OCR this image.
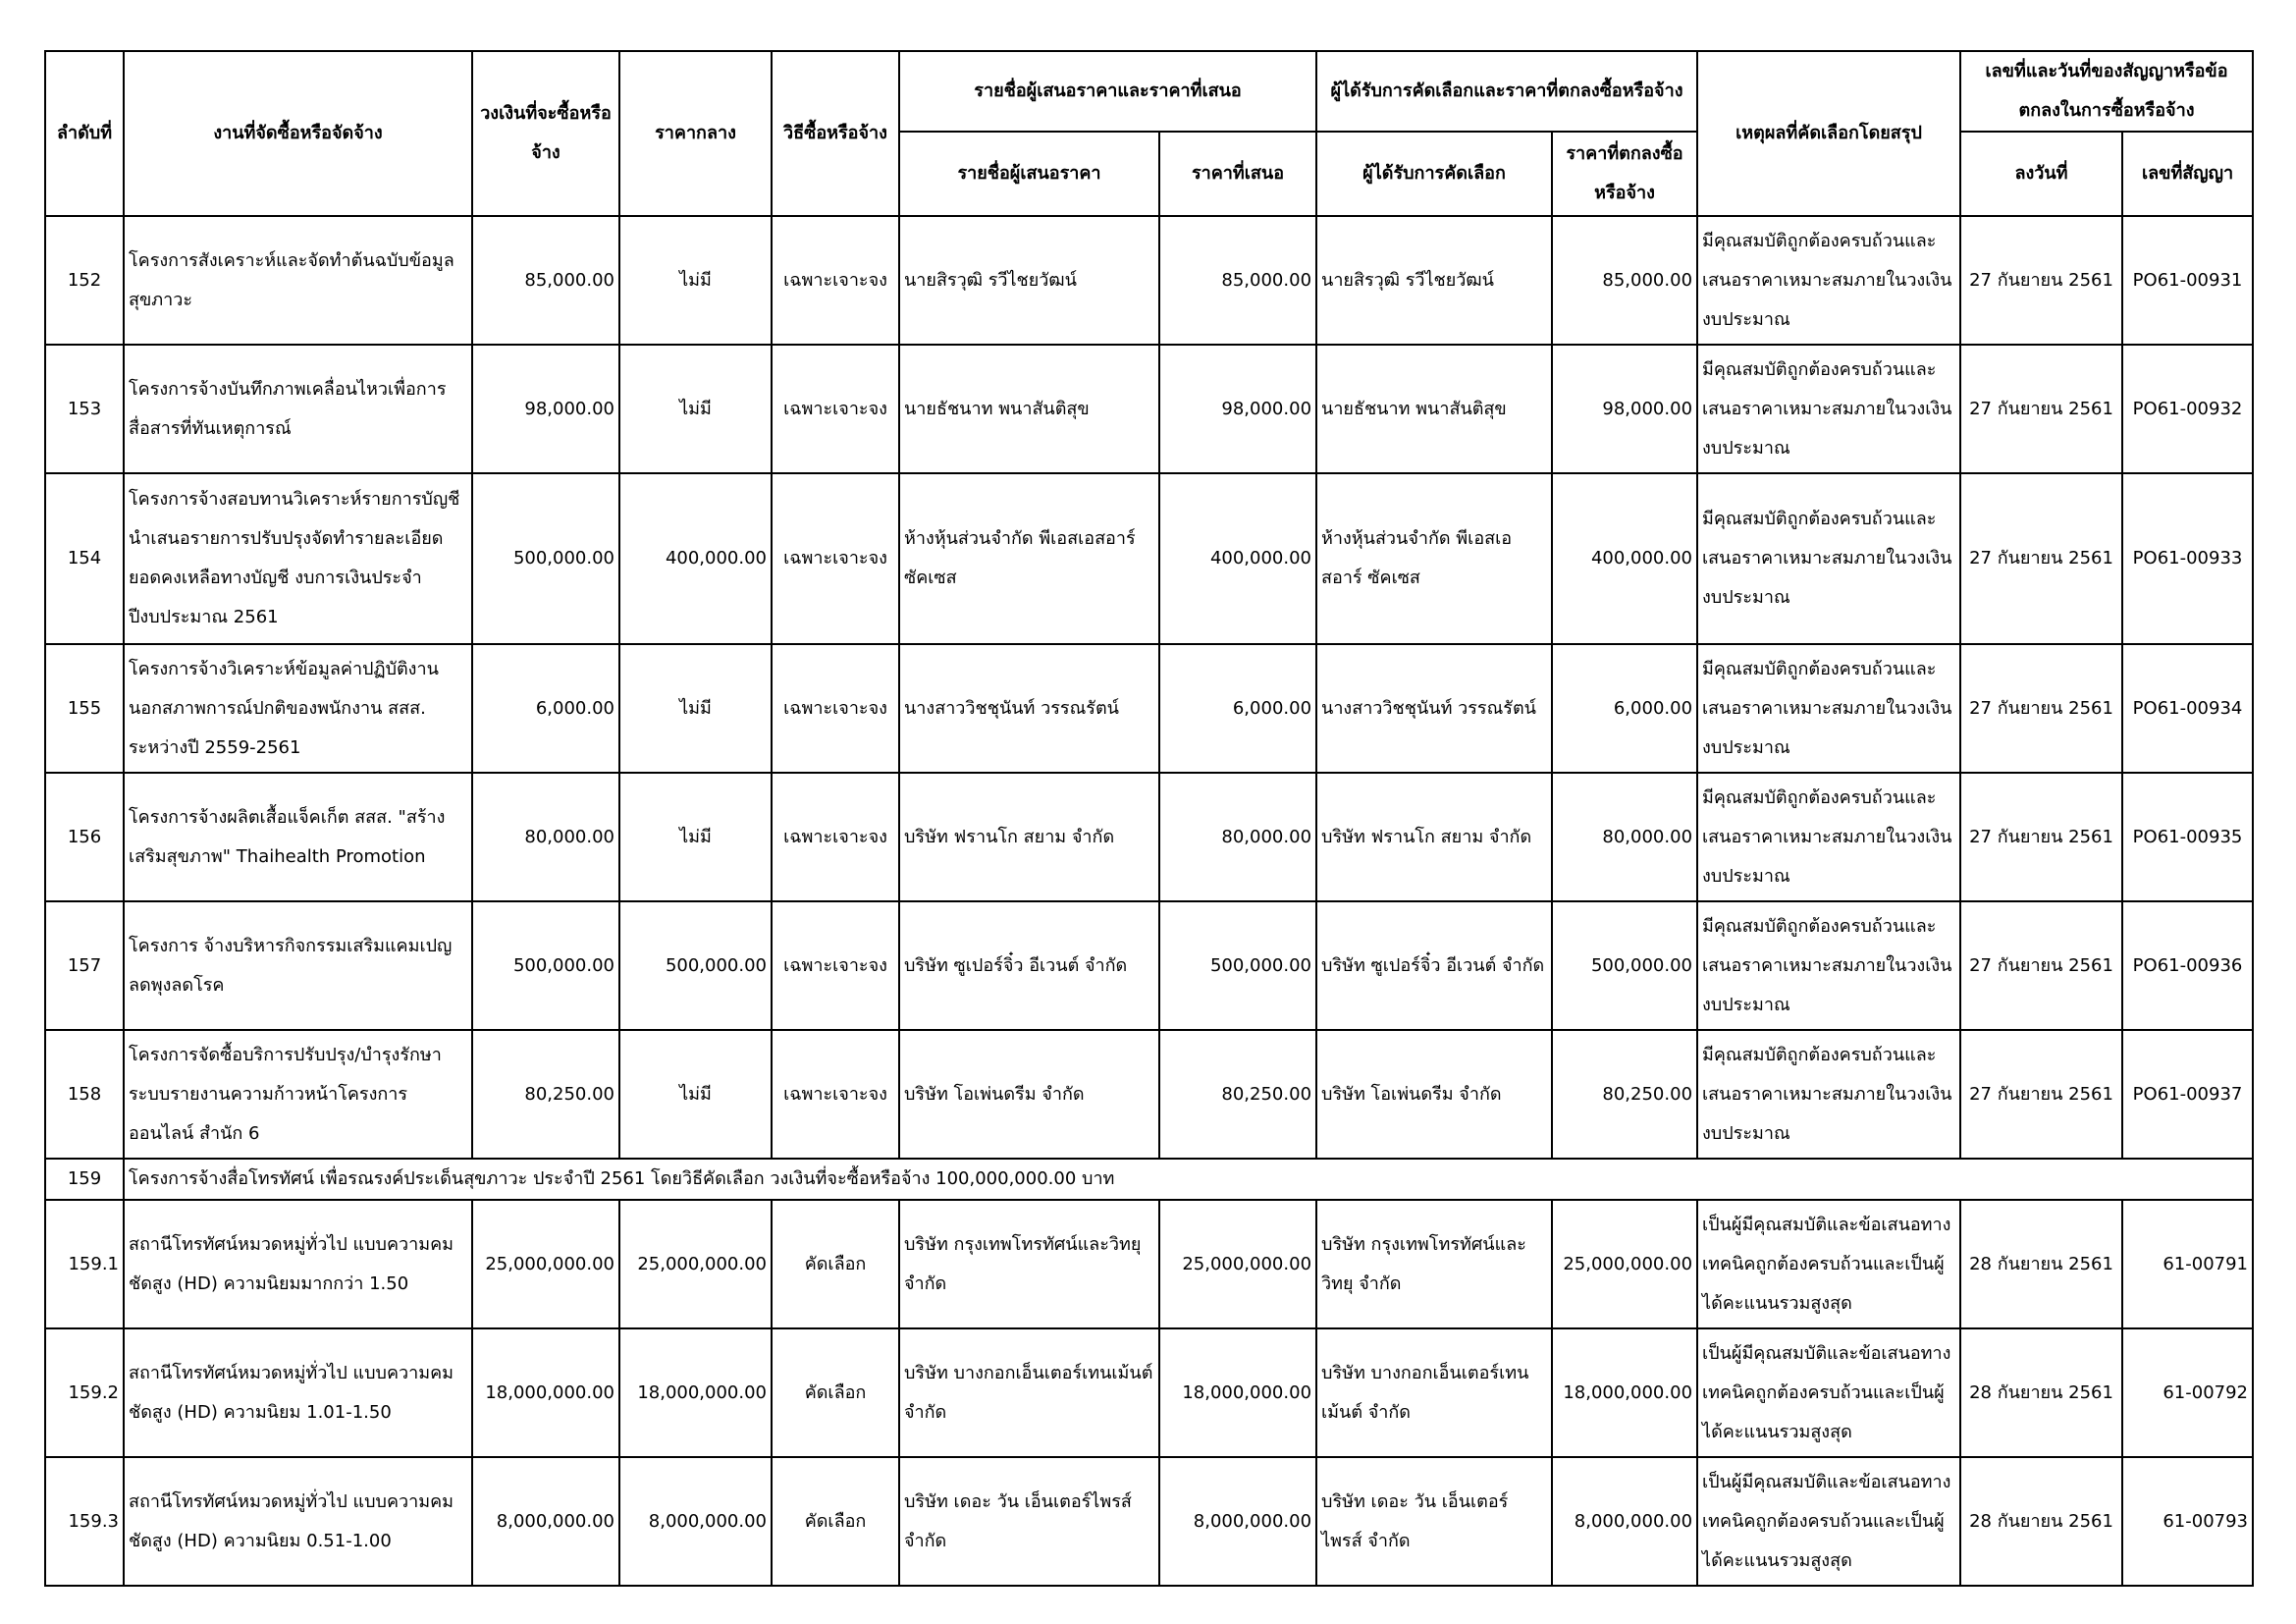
ลำดับที่	งานที่จัดซื้อหรือจัดจ้าง	วงเงินที่จะซื้อหรือจ้าง	ราคากลาง	วิธีซื้อหรือจ้าง	รายชื่อผู้เสนอราคาและราคาที่เสนอ		ผู้ได้รับการคัดเลือกและราคาที่ตกลงซื้อหรือจ้าง		เหตุผลที่คัดเลือกโดยสรุป	เลขที่และวันที่ของสัญญาหรือข้อตกลงในการซื้อหรือจ้าง	
					รายชื่อผู้เสนอราคา	ราคาที่เสนอ	ผู้ได้รับการคัดเลือก	ราคาที่ตกลงซื้อหรือจ้าง		ลงวันที่	เลขที่สัญญา
152	โครงการสังเคราะห์และจัดทำต้นฉบับข้อมูลสุขภาวะ	85,000.00	ไม่มี	เฉพาะเจาะจง	นายสิรวุฒิ รวีไชยวัฒน์	85,000.00	นายสิรวุฒิ รวีไชยวัฒน์	85,000.00	มีคุณสมบัติถูกต้องครบถ้วนและเสนอราคาเหมาะสมภายในวงเงินงบประมาณ	27 กันยายน 2561	PO61-00931
153	โครงการจ้างบันทึกภาพเคลื่อนไหวเพื่อการสื่อสารที่ทันเหตุการณ์	98,000.00	ไม่มี	เฉพาะเจาะจง	นายธัชนาท พนาสันติสุข	98,000.00	นายธัชนาท พนาสันติสุข	98,000.00	มีคุณสมบัติถูกต้องครบถ้วนและเสนอราคาเหมาะสมภายในวงเงินงบประมาณ	27 กันยายน 2561	PO61-00932
154	โครงการจ้างสอบทานวิเคราะห์รายการบัญชีนำเสนอรายการปรับปรุงจัดทำรายละเอียดยอดคงเหลือทางบัญชี งบการเงินประจำปีงบประมาณ 2561	500,000.00	400,000.00	เฉพาะเจาะจง	ห้างหุ้นส่วนจำกัด พีเอสเอสอาร์ ซัคเซส	400,000.00	ห้างหุ้นส่วนจำกัด พีเอสเอสอาร์ ซัคเซส	400,000.00	มีคุณสมบัติถูกต้องครบถ้วนและเสนอราคาเหมาะสมภายในวงเงินงบประมาณ	27 กันยายน 2561	PO61-00933
155	โครงการจ้างวิเคราะห์ข้อมูลค่าปฏิบัติงานนอกสภาพการณ์ปกติของพนักงาน สสส. ระหว่างปี 2559-2561	6,000.00	ไม่มี	เฉพาะเจาะจง	นางสาววิชชุนันท์ วรรณรัตน์	6,000.00	นางสาววิชชุนันท์ วรรณรัตน์	6,000.00	มีคุณสมบัติถูกต้องครบถ้วนและเสนอราคาเหมาะสมภายในวงเงินงบประมาณ	27 กันยายน 2561	PO61-00934
156	โครงการจ้างผลิตเสื้อแจ็คเก็ต สสส. "สร้างเสริมสุขภาพ" Thaihealth Promotion	80,000.00	ไม่มี	เฉพาะเจาะจง	บริษัท ฟรานโก สยาม จำกัด	80,000.00	บริษัท ฟรานโก สยาม จำกัด	80,000.00	มีคุณสมบัติถูกต้องครบถ้วนและเสนอราคาเหมาะสมภายในวงเงินงบประมาณ	27 กันยายน 2561	PO61-00935
157	โครงการ จ้างบริหารกิจกรรมเสริมแคมเปญลดพุงลดโรค	500,000.00	500,000.00	เฉพาะเจาะจง	บริษัท ซูเปอร์จิ๋ว อีเวนต์ จำกัด	500,000.00	บริษัท ซูเปอร์จิ๋ว อีเวนต์ จำกัด	500,000.00	มีคุณสมบัติถูกต้องครบถ้วนและเสนอราคาเหมาะสมภายในวงเงินงบประมาณ	27 กันยายน 2561	PO61-00936
158	โครงการจัดซื้อบริการปรับปรุง/บำรุงรักษาระบบรายงานความก้าวหน้าโครงการออนไลน์ สำนัก 6	80,250.00	ไม่มี	เฉพาะเจาะจง	บริษัท โอเพ่นดรีม จำกัด	80,250.00	บริษัท โอเพ่นดรีม จำกัด	80,250.00	มีคุณสมบัติถูกต้องครบถ้วนและเสนอราคาเหมาะสมภายในวงเงินงบประมาณ	27 กันยายน 2561	PO61-00937
159	โครงการจ้างสื่อโทรทัศน์ เพื่อรณรงค์ประเด็นสุขภาวะ ประจำปี 2561 โดยวิธีคัดเลือก วงเงินที่จะซื้อหรือจ้าง 100,000,000.00 บาท										
159.1	สถานีโทรทัศน์หมวดหมู่ทั่วไป แบบความคมชัดสูง (HD) ความนิยมมากกว่า 1.50	25,000,000.00	25,000,000.00	คัดเลือก	บริษัท กรุงเทพโทรทัศน์และวิทยุ จำกัด	25,000,000.00	บริษัท กรุงเทพโทรทัศน์และวิทยุ จำกัด	25,000,000.00	เป็นผู้มีคุณสมบัติและข้อเสนอทางเทคนิคถูกต้องครบถ้วนและเป็นผู้ได้คะแนนรวมสูงสุด	28 กันยายน 2561	61-00791
159.2	สถานีโทรทัศน์หมวดหมู่ทั่วไป แบบความคมชัดสูง (HD) ความนิยม 1.01-1.50	18,000,000.00	18,000,000.00	คัดเลือก	บริษัท บางกอกเอ็นเตอร์เทนเม้นต์ จำกัด	18,000,000.00	บริษัท บางกอกเอ็นเตอร์เทนเม้นต์ จำกัด	18,000,000.00	เป็นผู้มีคุณสมบัติและข้อเสนอทางเทคนิคถูกต้องครบถ้วนและเป็นผู้ได้คะแนนรวมสูงสุด	28 กันยายน 2561	61-00792
159.3	สถานีโทรทัศน์หมวดหมู่ทั่วไป แบบความคมชัดสูง (HD) ความนิยม 0.51-1.00	8,000,000.00	8,000,000.00	คัดเลือก	บริษัท เดอะ วัน เอ็นเตอร์ไพรส์ จำกัด	8,000,000.00	บริษัท เดอะ วัน เอ็นเตอร์ไพรส์ จำกัด	8,000,000.00	เป็นผู้มีคุณสมบัติและข้อเสนอทางเทคนิคถูกต้องครบถ้วนและเป็นผู้ได้คะแนนรวมสูงสุด	28 กันยายน 2561	61-00793
